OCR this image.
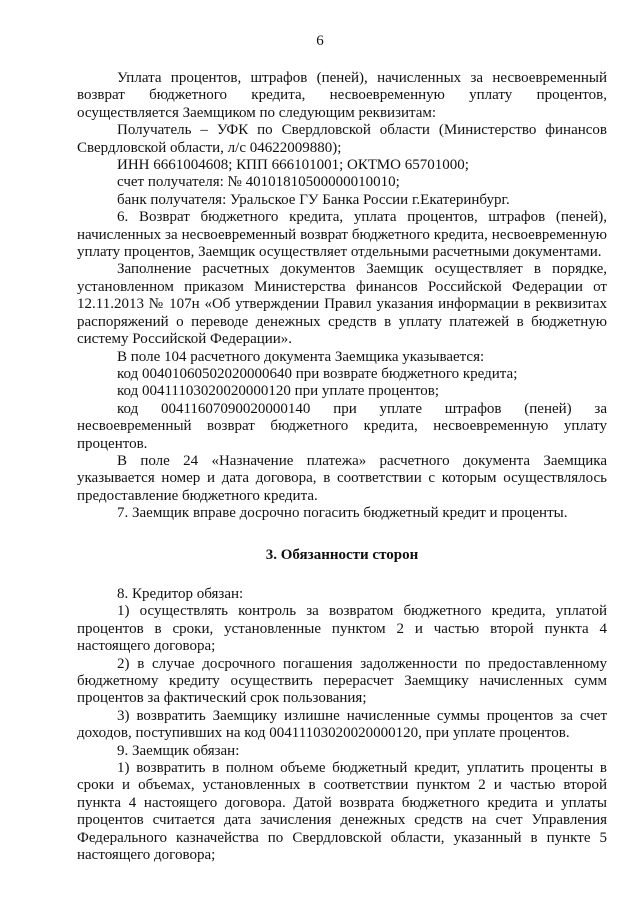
6

Уплата процентов, штрафов (пеней), начисленных за несвоевременный возврат бюджетного кредита, несвоевременную уплату процентов, осуществляется Заемщиком по следующим реквизитам:

Получатель – УФК по Свердловской области (Министерство финансов Свердловской области, л/с 04622009880);

ИНН 6661004608; КПП 666101001; ОКТМО 65701000;

счет получателя: № 40101810500000010010;

банк получателя: Уральское ГУ Банка России г.Екатеринбург.

6. Возврат бюджетного кредита, уплата процентов, штрафов (пеней), начисленных за несвоевременный возврат бюджетного кредита, несвоевременную уплату процентов, Заемщик осуществляет отдельными расчетными документами.

Заполнение расчетных документов Заемщик осуществляет в порядке, установленном приказом Министерства финансов Российской Федерации от 12.11.2013 № 107н «Об утверждении Правил указания информации в реквизитах распоряжений о переводе денежных средств в уплату платежей в бюджетную систему Российской Федерации».

В поле 104 расчетного документа Заемщика указывается:

код 00401060502020000640 при возврате бюджетного кредита;

код 00411103020020000120 при уплате процентов;

код 00411607090020000140 при уплате штрафов (пеней) за несвоевременный возврат бюджетного кредита, несвоевременную уплату процентов.

В поле 24 «Назначение платежа» расчетного документа Заемщика указывается номер и дата договора, в соответствии с которым осуществлялось предоставление бюджетного кредита.

7. Заемщик вправе досрочно погасить бюджетный кредит и проценты.

3. Обязанности сторон

8. Кредитор обязан:

1) осуществлять контроль за возвратом бюджетного кредита, уплатой процентов в сроки, установленные пунктом 2 и частью второй пункта 4 настоящего договора;

2) в случае досрочного погашения задолженности по предоставленному бюджетному кредиту осуществить перерасчет Заемщику начисленных сумм процентов за фактический срок пользования;

3) возвратить Заемщику излишне начисленные суммы процентов за счет доходов, поступивших на код 00411103020020000120, при уплате процентов.

9. Заемщик обязан:

1) возвратить в полном объеме бюджетный кредит, уплатить проценты в сроки и объемах, установленных в соответствии пунктом 2 и частью второй пункта 4 настоящего договора. Датой возврата бюджетного кредита и уплаты процентов считается дата зачисления денежных средств на счет Управления Федерального казначейства по Свердловской области, указанный в пункте 5 настоящего договора;
